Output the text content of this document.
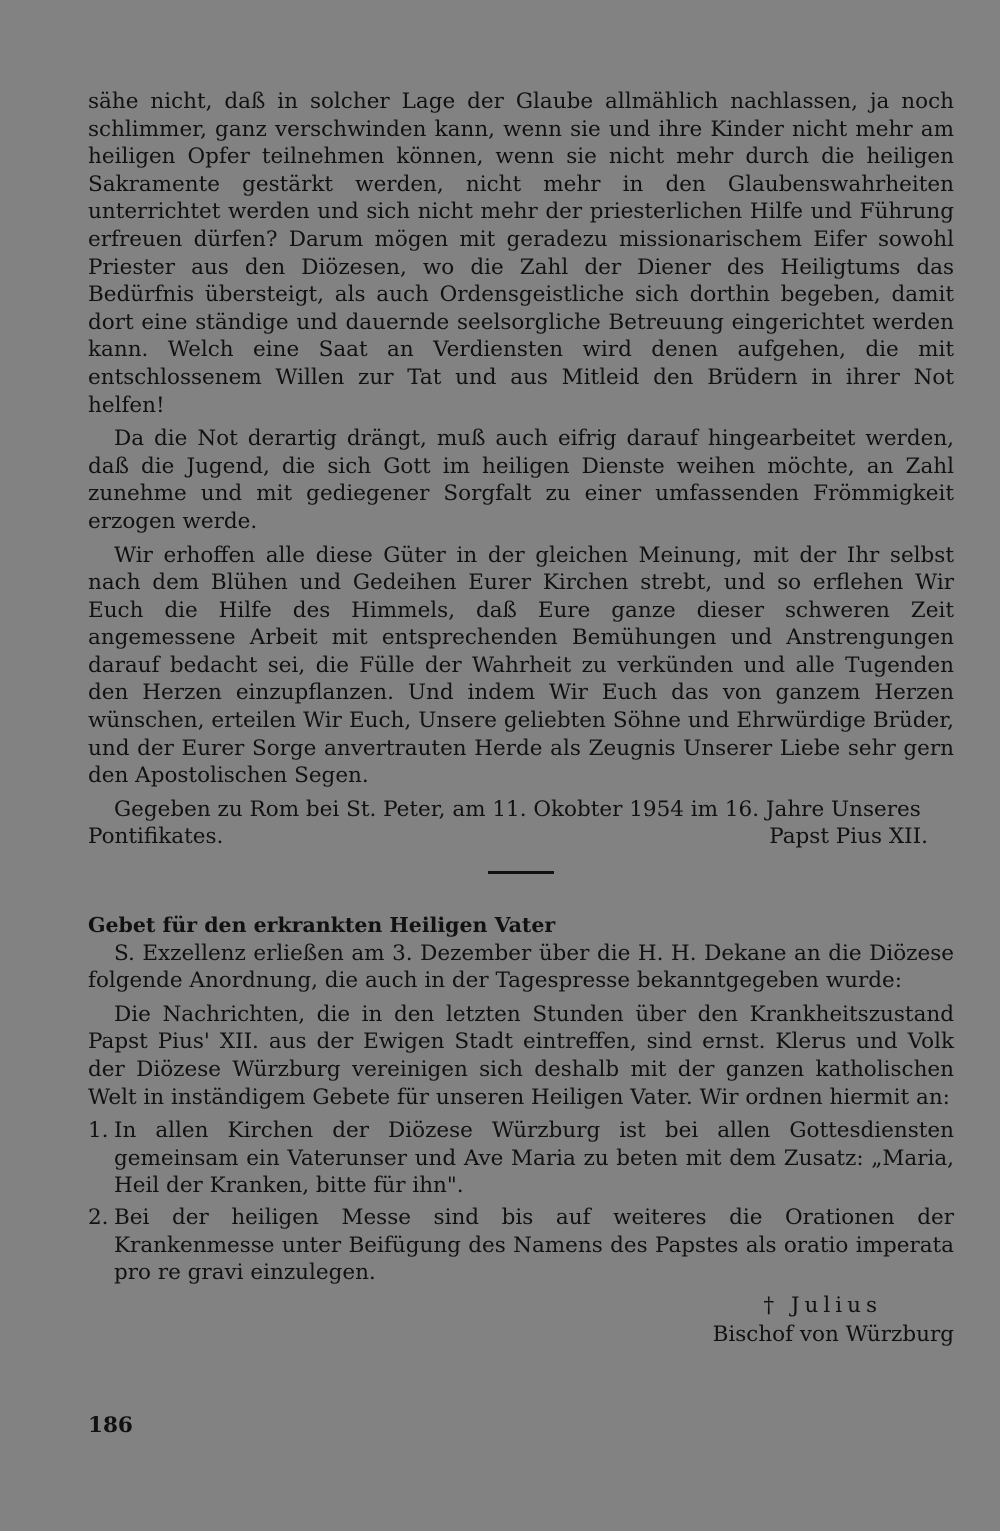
sähe nicht, daß in solcher Lage der Glaube allmählich nachlassen, ja noch schlimmer, ganz verschwinden kann, wenn sie und ihre Kinder nicht mehr am heiligen Opfer teilnehmen können, wenn sie nicht mehr durch die heiligen Sakramente gestärkt werden, nicht mehr in den Glaubenswahrheiten unterrichtet werden und sich nicht mehr der priesterlichen Hilfe und Führung erfreuen dürfen? Darum mögen mit geradezu missionarischem Eifer sowohl Priester aus den Diözesen, wo die Zahl der Diener des Heiligtums das Bedürfnis übersteigt, als auch Ordensgeistliche sich dorthin begeben, damit dort eine ständige und dauernde seelsorgliche Betreuung eingerichtet werden kann. Welch eine Saat an Verdiensten wird denen aufgehen, die mit entschlossenem Willen zur Tat und aus Mitleid den Brüdern in ihrer Not helfen!

Da die Not derartig drängt, muß auch eifrig darauf hingearbeitet werden, daß die Jugend, die sich Gott im heiligen Dienste weihen möchte, an Zahl zunehme und mit gediegener Sorgfalt zu einer umfassenden Frömmigkeit erzogen werde.

Wir erhoffen alle diese Güter in der gleichen Meinung, mit der Ihr selbst nach dem Blühen und Gedeihen Eurer Kirchen strebt, und so erflehen Wir Euch die Hilfe des Himmels, daß Eure ganze dieser schweren Zeit angemessene Arbeit mit entsprechenden Bemühungen und Anstrengungen darauf bedacht sei, die Fülle der Wahrheit zu verkünden und alle Tugenden den Herzen einzupflanzen. Und indem Wir Euch das von ganzem Herzen wünschen, erteilen Wir Euch, Unsere geliebten Söhne und Ehrwürdige Brüder, und der Eurer Sorge anvertrauten Herde als Zeugnis Unserer Liebe sehr gern den Apostolischen Segen.

Gegeben zu Rom bei St. Peter, am 11. Okobter 1954 im 16. Jahre Unseres
Pontifikates.	Papst Pius XII.
Gebet für den erkrankten Heiligen Vater

S. Exzellenz erließen am 3. Dezember über die H. H. Dekane an die Diözese folgende Anordnung, die auch in der Tagespresse bekanntgegeben wurde:

Die Nachrichten, die in den letzten Stunden über den Krankheitszustand Papst Pius' XII. aus der Ewigen Stadt eintreffen, sind ernst. Klerus und Volk der Diözese Würzburg vereinigen sich deshalb mit der ganzen katholischen Welt in inständigem Gebete für unseren Heiligen Vater. Wir ordnen hiermit an:

1. In allen Kirchen der Diözese Würzburg ist bei allen Gottesdiensten gemeinsam ein Vaterunser und Ave Maria zu beten mit dem Zusatz: „Maria, Heil der Kranken, bitte für ihn".
2. Bei der heiligen Messe sind bis auf weiteres die Orationen der Krankenmesse unter Beifügung des Namens des Papstes als oratio imperata pro re gravi einzulegen.
† Julius
Bischof von Würzburg
186
